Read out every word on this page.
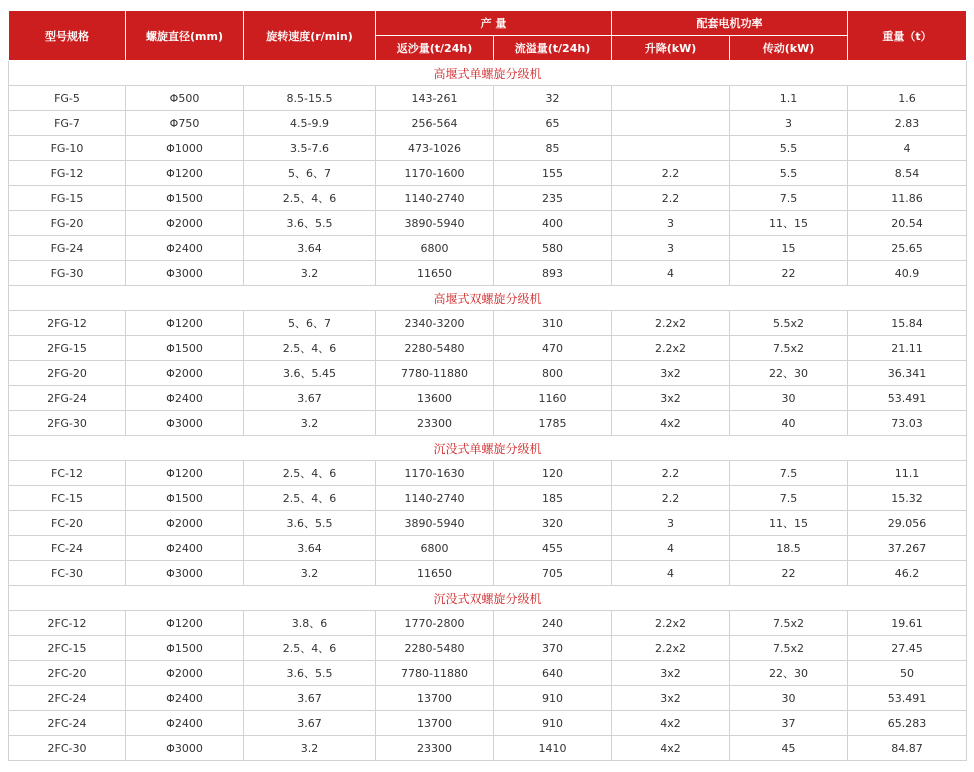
型号规格	螺旋直径(mm)	旋转速度(r/min)	产 量		配套电机功率		重量（t）
			返沙量(t/24h)	流溢量(t/24h)	升降(kW)	传动(kW)	
高堰式单螺旋分级机							
FG-5	Φ500	8.5-15.5	143-261	32		1.1	1.6
FG-7	Φ750	4.5-9.9	256-564	65		3	2.83
FG-10	Φ1000	3.5-7.6	473-1026	85		5.5	4
FG-12	Φ1200	5、6、7	1170-1600	155	2.2	5.5	8.54
FG-15	Φ1500	2.5、4、6	1140-2740	235	2.2	7.5	11.86
FG-20	Φ2000	3.6、5.5	3890-5940	400	3	11、15	20.54
FG-24	Φ2400	3.64	6800	580	3	15	25.65
FG-30	Φ3000	3.2	11650	893	4	22	40.9
高堰式双螺旋分级机							
2FG-12	Φ1200	5、6、7	2340-3200	310	2.2x2	5.5x2	15.84
2FG-15	Φ1500	2.5、4、6	2280-5480	470	2.2x2	7.5x2	21.11
2FG-20	Φ2000	3.6、5.45	7780-11880	800	3x2	22、30	36.341
2FG-24	Φ2400	3.67	13600	1160	3x2	30	53.491
2FG-30	Φ3000	3.2	23300	1785	4x2	40	73.03
沉没式单螺旋分级机							
FC-12	Φ1200	2.5、4、6	1170-1630	120	2.2	7.5	11.1
FC-15	Φ1500	2.5、4、6	1140-2740	185	2.2	7.5	15.32
FC-20	Φ2000	3.6、5.5	3890-5940	320	3	11、15	29.056
FC-24	Φ2400	3.64	6800	455	4	18.5	37.267
FC-30	Φ3000	3.2	11650	705	4	22	46.2
沉没式双螺旋分级机							
2FC-12	Φ1200	3.8、6	1770-2800	240	2.2x2	7.5x2	19.61
2FC-15	Φ1500	2.5、4、6	2280-5480	370	2.2x2	7.5x2	27.45
2FC-20	Φ2000	3.6、5.5	7780-11880	640	3x2	22、30	50
2FC-24	Φ2400	3.67	13700	910	3x2	30	53.491
2FC-24	Φ2400	3.67	13700	910	4x2	37	65.283
2FC-30	Φ3000	3.2	23300	1410	4x2	45	84.87
